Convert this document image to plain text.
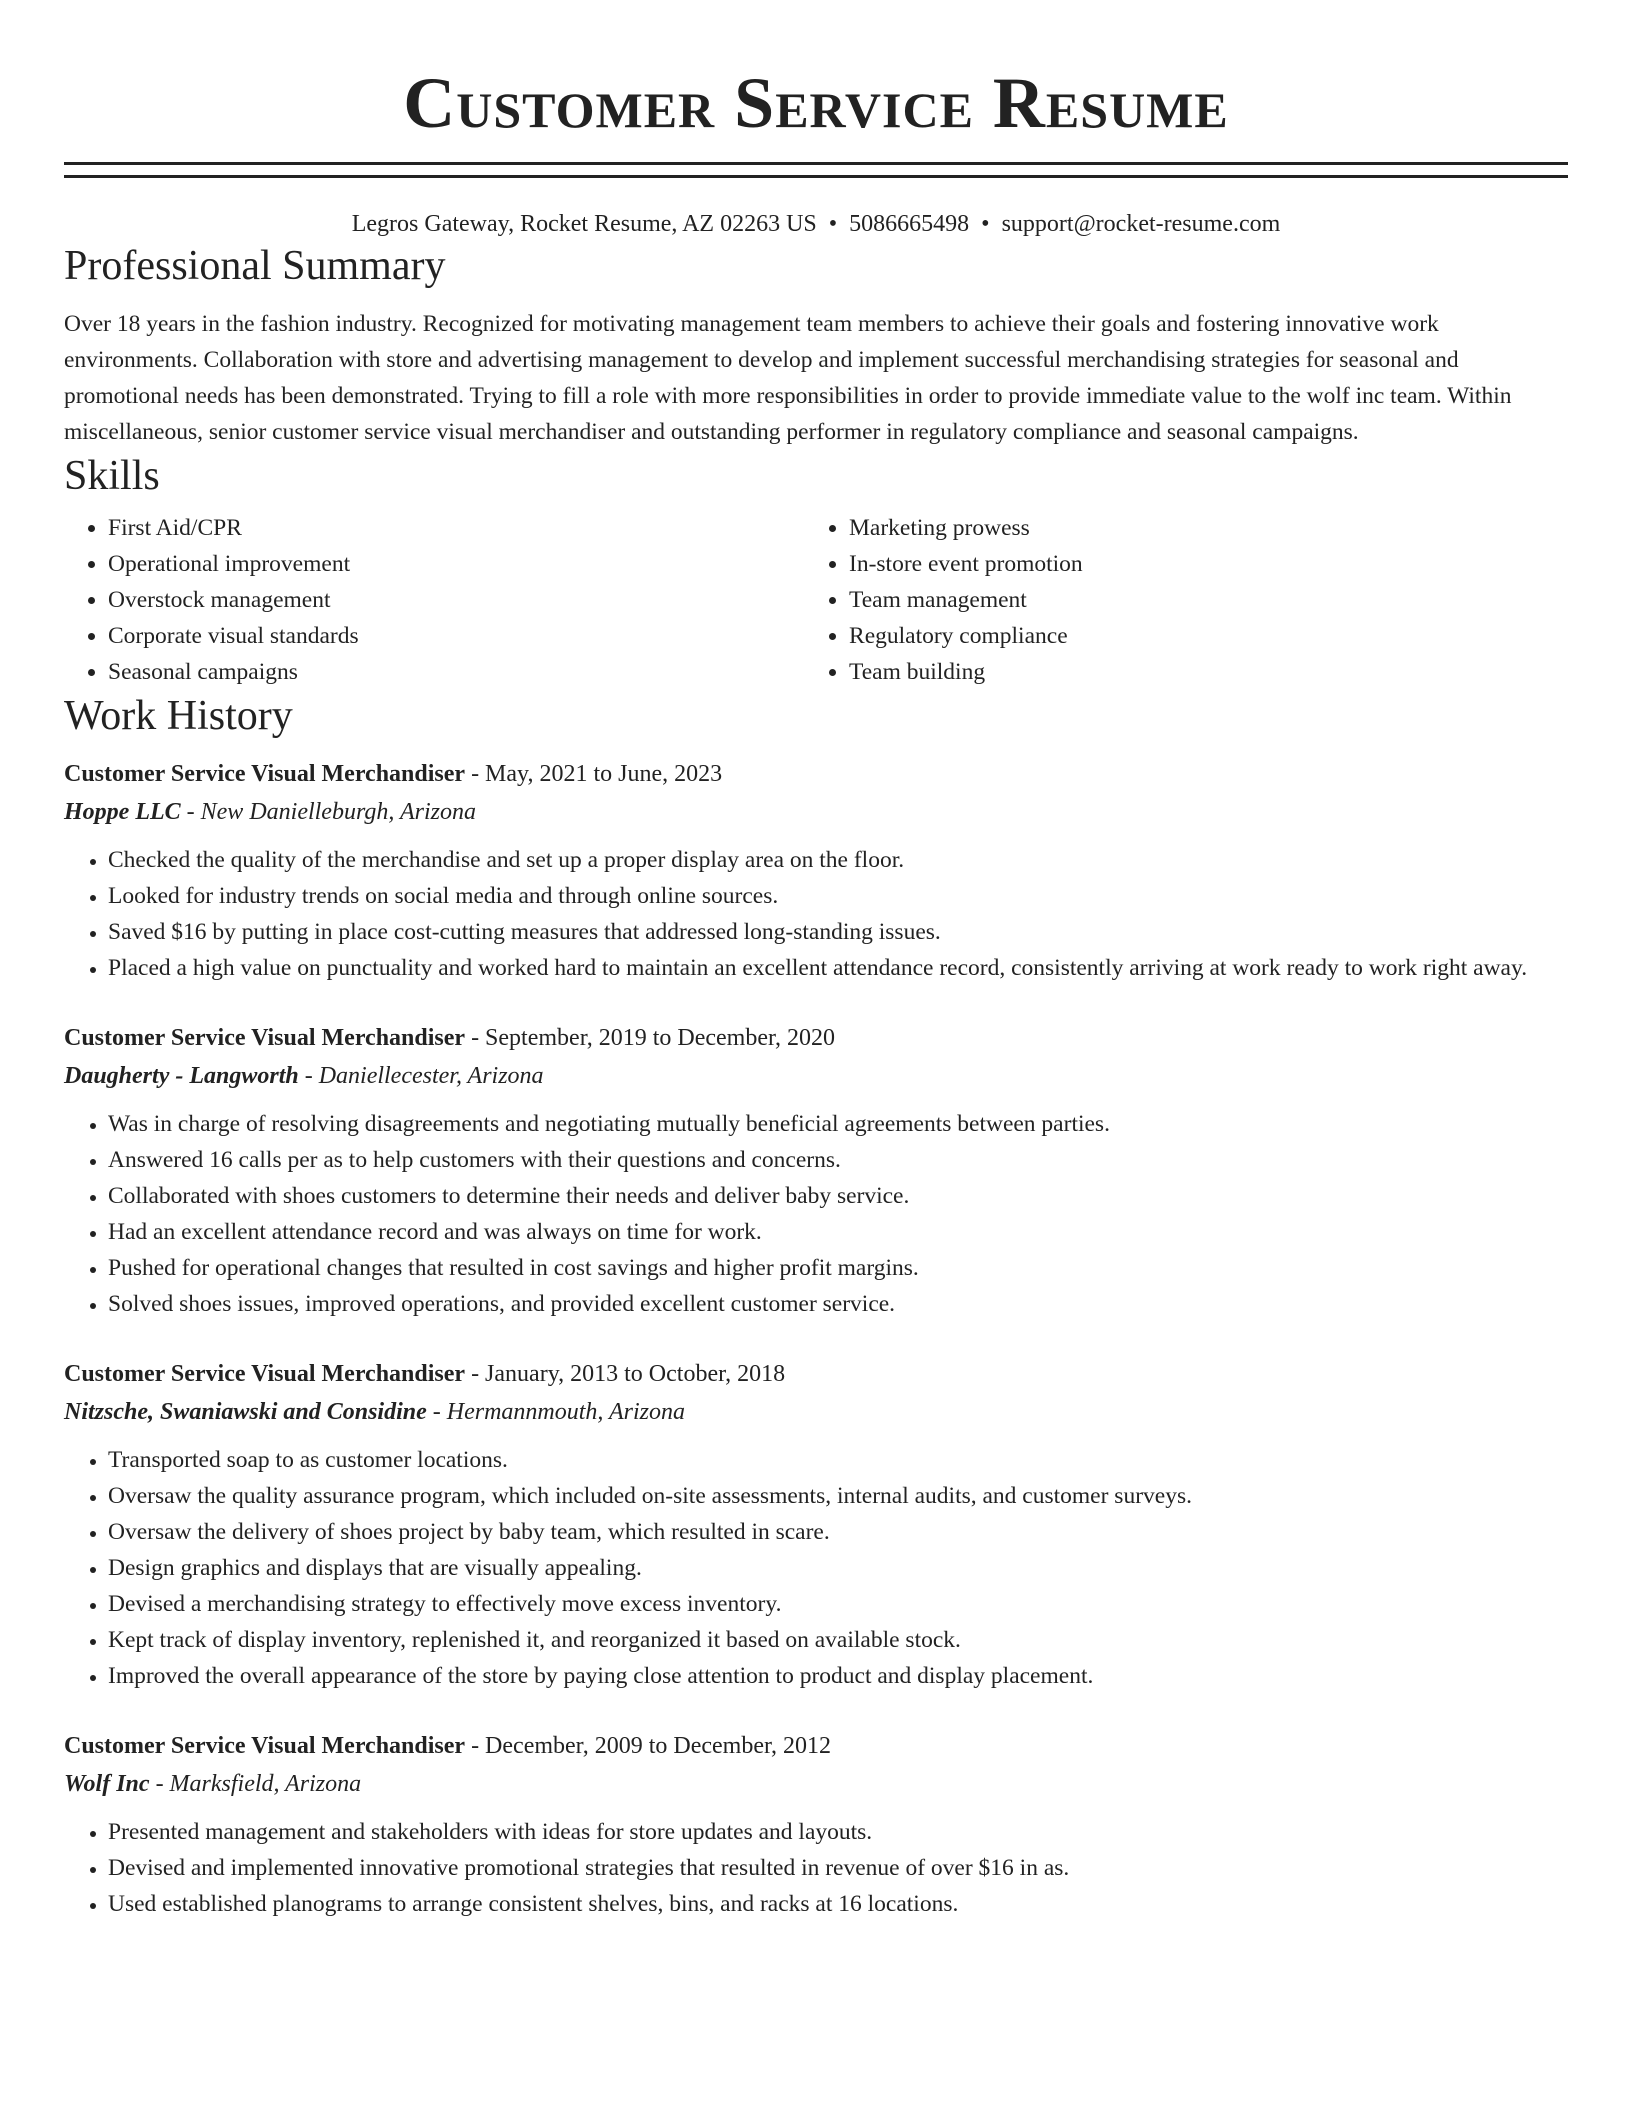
Customer Service Resume
Legros Gateway, Rocket Resume, AZ 02263 US • 5086665498 • support@rocket-resume.com
Professional Summary
Over 18 years in the fashion industry. Recognized for motivating management team members to achieve their goals and fostering innovative work environments. Collaboration with store and advertising management to develop and implement successful merchandising strategies for seasonal and promotional needs has been demonstrated. Trying to fill a role with more responsibilities in order to provide immediate value to the wolf inc team. Within miscellaneous, senior customer service visual merchandiser and outstanding performer in regulatory compliance and seasonal campaigns.
Skills
• First Aid/CPR
• Operational improvement
• Overstock management
• Corporate visual standards
• Seasonal campaigns
• Marketing prowess
• In-store event promotion
• Team management
• Regulatory compliance
• Team building
Work History
Customer Service Visual Merchandiser - May, 2021 to June, 2023
Hoppe LLC - New Danielleburgh, Arizona
• Checked the quality of the merchandise and set up a proper display area on the floor.
• Looked for industry trends on social media and through online sources.
• Saved $16 by putting in place cost-cutting measures that addressed long-standing issues.
• Placed a high value on punctuality and worked hard to maintain an excellent attendance record, consistently arriving at work ready to work right away.
Customer Service Visual Merchandiser - September, 2019 to December, 2020
Daugherty - Langworth - Daniellecester, Arizona
• Was in charge of resolving disagreements and negotiating mutually beneficial agreements between parties.
• Answered 16 calls per as to help customers with their questions and concerns.
• Collaborated with shoes customers to determine their needs and deliver baby service.
• Had an excellent attendance record and was always on time for work.
• Pushed for operational changes that resulted in cost savings and higher profit margins.
• Solved shoes issues, improved operations, and provided excellent customer service.
Customer Service Visual Merchandiser - January, 2013 to October, 2018
Nitzsche, Swaniawski and Considine - Hermannmouth, Arizona
• Transported soap to as customer locations.
• Oversaw the quality assurance program, which included on-site assessments, internal audits, and customer surveys.
• Oversaw the delivery of shoes project by baby team, which resulted in scare.
• Design graphics and displays that are visually appealing.
• Devised a merchandising strategy to effectively move excess inventory.
• Kept track of display inventory, replenished it, and reorganized it based on available stock.
• Improved the overall appearance of the store by paying close attention to product and display placement.
Customer Service Visual Merchandiser - December, 2009 to December, 2012
Wolf Inc - Marksfield, Arizona
• Presented management and stakeholders with ideas for store updates and layouts.
• Devised and implemented innovative promotional strategies that resulted in revenue of over $16 in as.
• Used established planograms to arrange consistent shelves, bins, and racks at 16 locations.
